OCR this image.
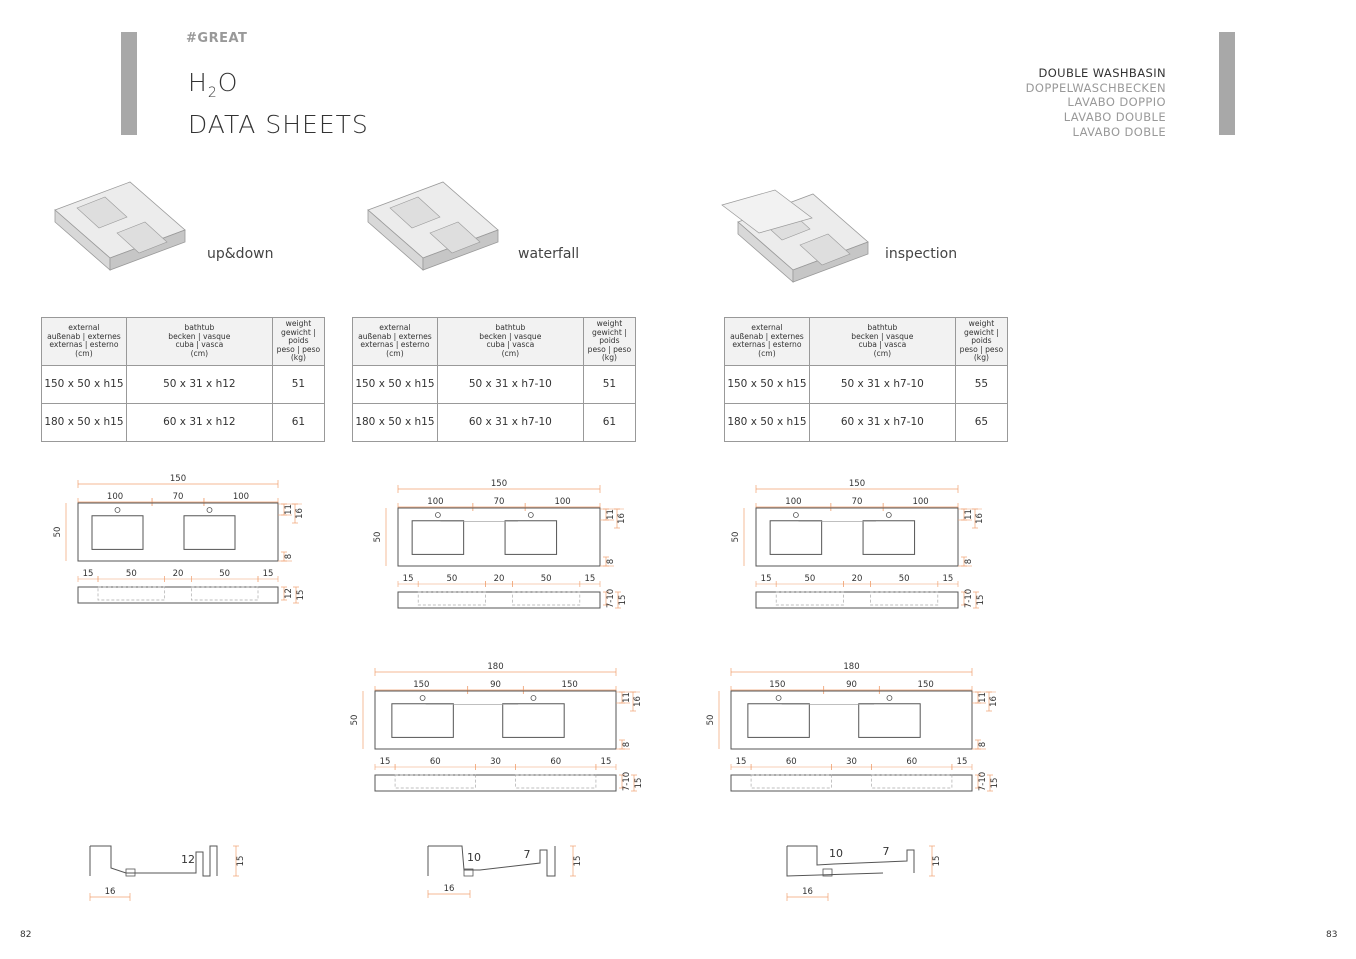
#GREAT
$H_2O$
DATA SHEETS
DOUBLE WASHBASIN
DOPPELWASCHBECKEN
LAVABO DOPPIO
LAVABO DOUBLE
LAVABO DOBLE
up&down	waterfall	inspection
external
außenab | externes
externas | esterno
(cm)	bathtub
becken | vasque
cuba | vasca
(cm)	weight
gewicht | poids
peso | peso
(kg)
150 x 50 x h15	50 x 31 x h12	51
180 x 50 x h15	60 x 31 x h12	61
external
außenab | externes
externas | esterno
(cm)	bathtub
becken | vasque
cuba | vasca
(cm)	weight
gewicht | poids
peso | peso
(kg)
150 x 50 x h15	50 x 31 x h7-10	51
180 x 50 x h15	60 x 31 x h7-10	61
external
außenab | externes
externas | esterno
(cm)	bathtub
becken | vasque
cuba | vasca
(cm)	weight
gewicht | poids
peso | peso
(kg)
150 x 50 x h15	50 x 31 x h7-10	55
180 x 50 x h15	60 x 31 x h7-10	65
150
100	70	100
50
11 16
8
15	50	20	50	15
12 15
150
100	70	100
50
11 16
8
15	50	20	50	15
7-10 15
150
100	70	100
50
11 16
8
15	50	20	50	15
7-10 15
180
150	90	150
50
11 16
8
15	60	30	60	15
7-10 15
180
150	90	150
50
11 16
8
15	60	30	60	15
7-10 15
16
12	15
16
10	7	15
16
10	7
15
82	83
